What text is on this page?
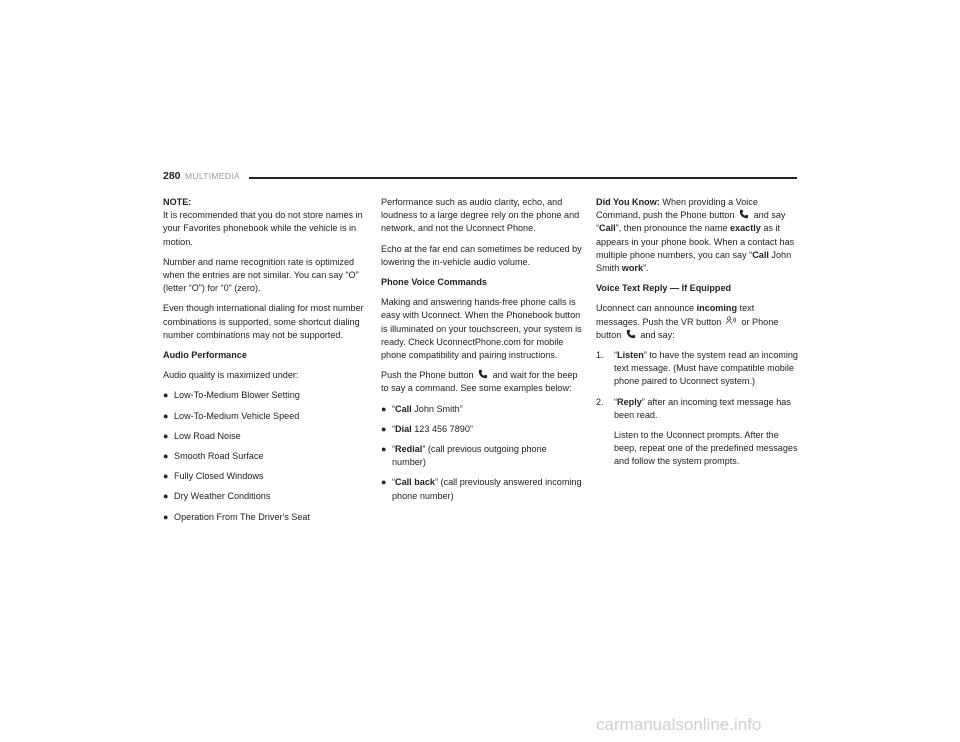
280 MULTIMEDIA

NOTE:
It is recommended that you do not store names in your Favorites phonebook while the vehicle is in motion.

Number and name recognition rate is optimized when the entries are not similar. You can say “O” (letter “O”) for “0” (zero).

Even though international dialing for most number combinations is supported, some shortcut dialing number combinations may not be supported.

Audio Performance

Audio quality is maximized under:

● Low-To-Medium Blower Setting
● Low-To-Medium Vehicle Speed
● Low Road Noise
● Smooth Road Surface
● Fully Closed Windows
● Dry Weather Conditions
● Operation From The Driver's Seat

Performance such as audio clarity, echo, and loudness to a large degree rely on the phone and network, and not the Uconnect Phone.

Echo at the far end can sometimes be reduced by lowering the in-vehicle audio volume.

Phone Voice Commands

Making and answering hands-free phone calls is easy with Uconnect. When the Phonebook button is illuminated on your touchscreen, your system is ready. Check UconnectPhone.com for mobile phone compatibility and pairing instructions.

Push the Phone button and wait for the beep to say a command. See some examples below:

● “Call John Smith”
● “Dial 123 456 7890”
● “Redial” (call previous outgoing phone number)
● “Call back” (call previously answered incoming phone number)

Did You Know: When providing a Voice Command, push the Phone button  and say “Call”, then pronounce the name exactly as it appears in your phone book. When a contact has multiple phone numbers, you can say “Call John Smith work”.

Voice Text Reply — If Equipped

Uconnect can announce incoming text messages. Push the VR button  or Phone button  and say:

1. “Listen” to have the system read an incoming text message. (Must have compatible mobile phone paired to Uconnect system.)
2. “Reply” after an incoming text message has been read.

Listen to the Uconnect prompts. After the beep, repeat one of the predefined messages and follow the system prompts.

carmanualsonline.info
